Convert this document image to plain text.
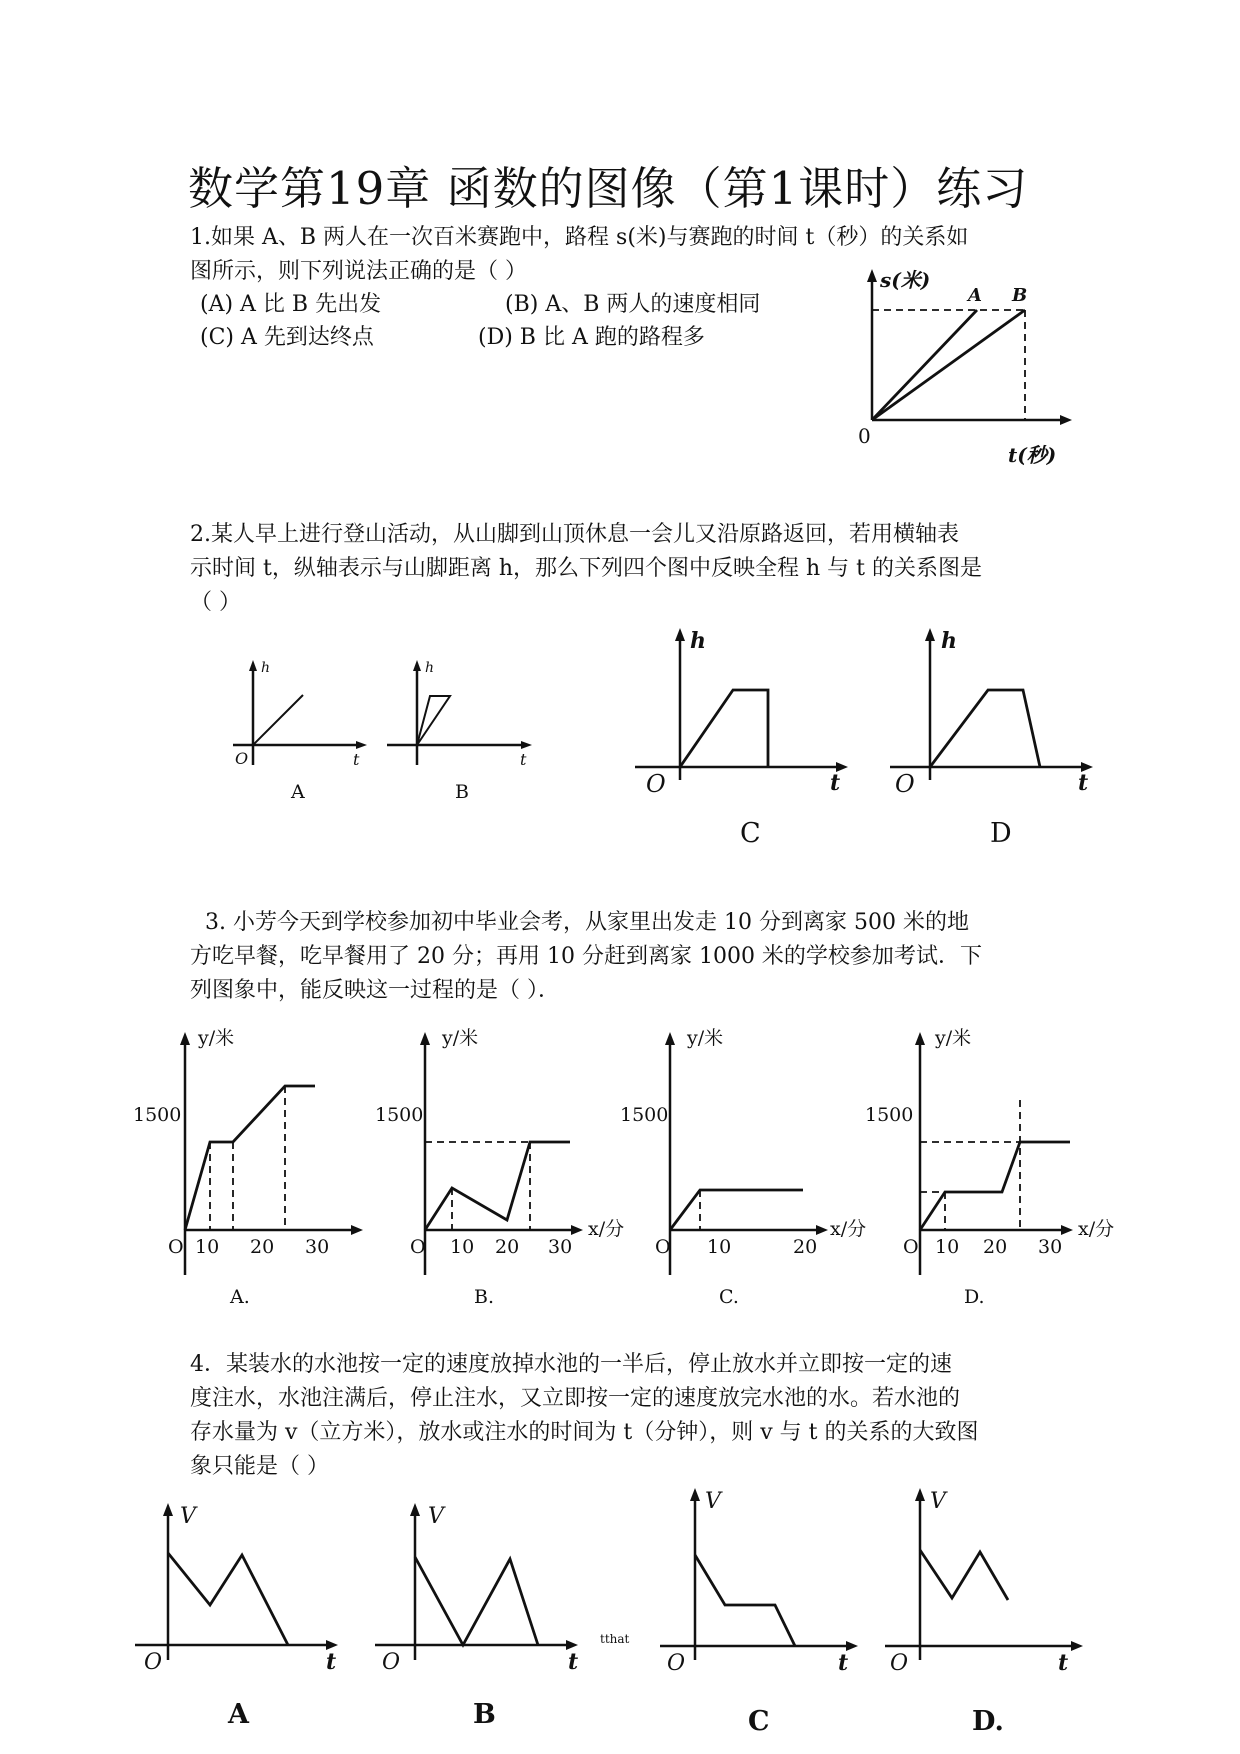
数学第19章 函数的图像（第1课时）练习
1.如果 A、B 两人在一次百米赛跑中，路程 s(米)与赛跑的时间 t（秒）的关系如
图所示，则下列说法正确的是（ ）
(A) A 比 B 先出发	(B) A、B 两人的速度相同
(C) A 先到达终点	(D) B 比 A 跑的路程多
s(米)
A B
0
t(秒)
2.某人早上进行登山活动，从山脚到山顶休息一会儿又沿原路返回，若用横轴表
示时间 t，纵轴表示与山脚距离 h，那么下列四个图中反映全程 h 与 t 的关系图是
（ ）
h
O	t
A
h
t
B
h
O	t
C
h
O	t
D
3. 小芳今天到学校参加初中毕业会考，从家里出发走 10 分到离家 500 米的地
方吃早餐，吃早餐用了 20 分；再用 10 分赶到离家 1000 米的学校参加考试．下
列图象中，能反映这一过程的是（ ）．
y/米
1500
O 10 20 30
A.
y/米
1500
x/分
O 10 20 30
B.
y/米
1500
x/分
O 10	20
C.
y/米
1500
x/分
O 10 20 30
D.
4．某装水的水池按一定的速度放掉水池的一半后，停止放水并立即按一定的速
度注水，水池注满后，停止注水，又立即按一定的速度放完水池的水。若水池的
存水量为 v（立方米），放水或注水的时间为 t（分钟），则 v 与 t 的关系的大致图
象只能是（ ）
V
O	t
A
V
O	t
tthat
B
V
O	t
C
V
O	t
D.
